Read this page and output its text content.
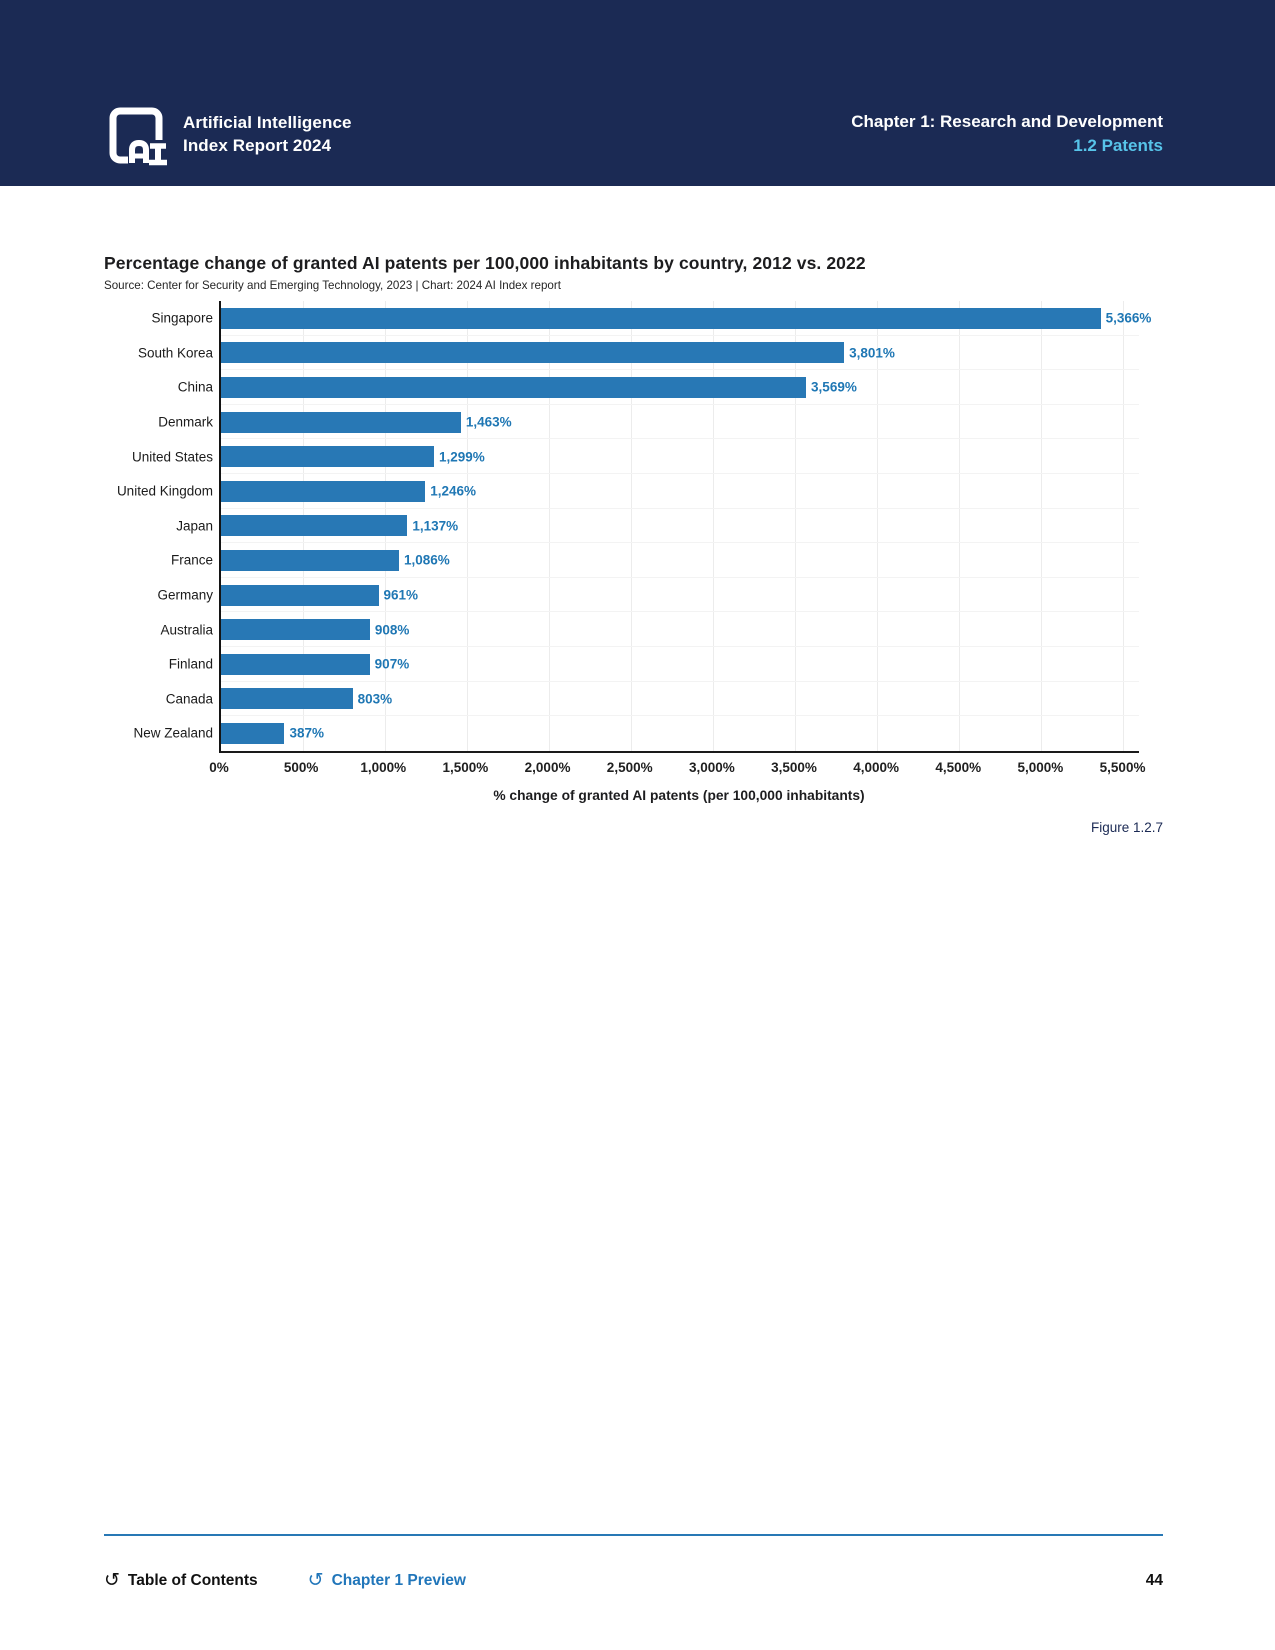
Artificial Intelligence
Index Report 2024
Chapter 1: Research and Development
1.2 Patents
Percentage change of granted AI patents per 100,000 inhabitants by country, 2012 vs. 2022
Source: Center for Security and Emerging Technology, 2023 | Chart: 2024 AI Index report
Singapore	5,366%
South Korea	3,801%
China	3,569%
Denmark	1,463%
United States	1,299%
United Kingdom	1,246%
Japan	1,137%
France	1,086%
Germany	961%
Australia	908%
Finland	907%
Canada	803%
New Zealand	387%
0%	500%	1,000%	1,500%	2,000%	2,500%	3,000%	3,500%	4,000%	4,500%	5,000%	5,500%
% change of granted AI patents (per 100,000 inhabitants)
Figure 1.2.7
↺ Table of Contents	↺ Chapter 1 Preview	44
